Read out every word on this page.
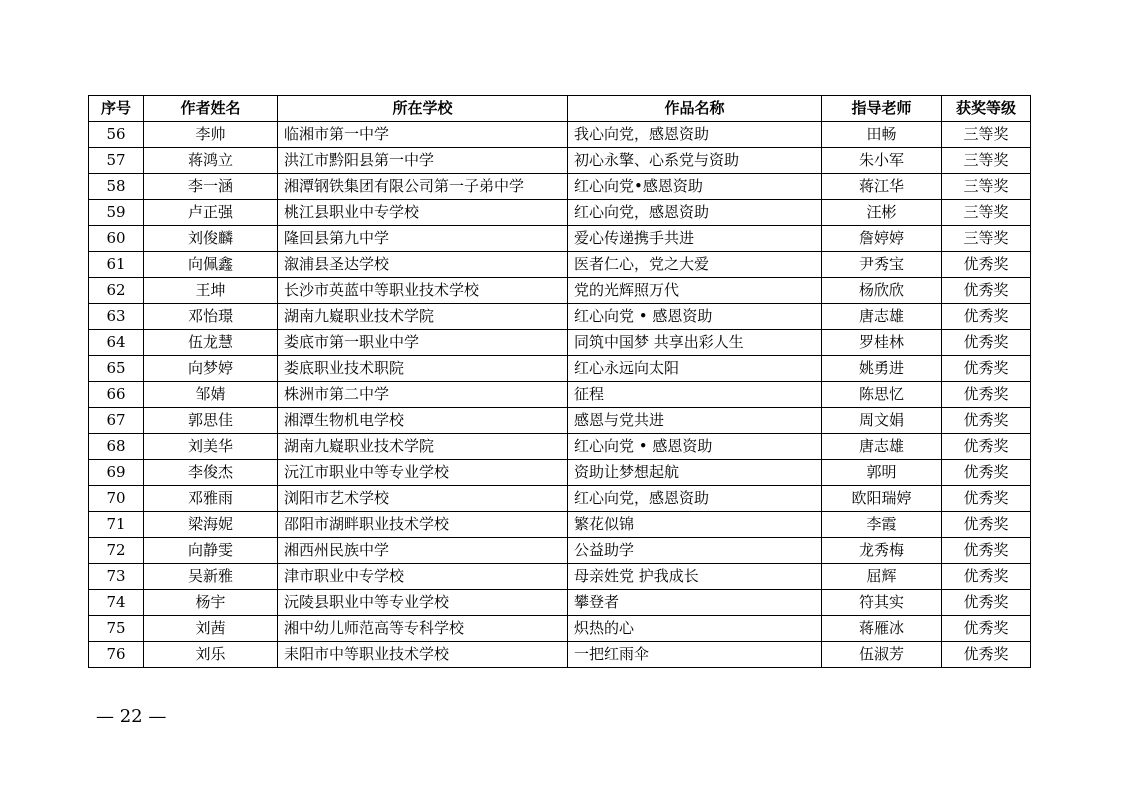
序号	作者姓名	所在学校	作品名称	指导老师	获奖等级
56	李帅	临湘市第一中学	我心向党，感恩资助	田畅	三等奖
57	蒋鸿立	洪江市黔阳县第一中学	初心永擎、心系党与资助	朱小军	三等奖
58	李一涵	湘潭钢铁集团有限公司第一子弟中学	红心向党•感恩资助	蒋江华	三等奖
59	卢正强	桃江县职业中专学校	红心向党，感恩资助	汪彬	三等奖
60	刘俊麟	隆回县第九中学	爱心传递携手共进	詹婷婷	三等奖
61	向佩鑫	溆浦县圣达学校	医者仁心，党之大爱	尹秀宝	优秀奖
62	王坤	长沙市英蓝中等职业技术学校	党的光辉照万代	杨欣欣	优秀奖
63	邓怡璟	湖南九嶷职业技术学院	红心向党 • 感恩资助	唐志雄	优秀奖
64	伍龙慧	娄底市第一职业中学	同筑中国梦 共享出彩人生	罗桂林	优秀奖
65	向梦婷	娄底职业技术职院	红心永远向太阳	姚勇进	优秀奖
66	邹婧	株洲市第二中学	征程	陈思忆	优秀奖
67	郭思佳	湘潭生物机电学校	感恩与党共进	周文娟	优秀奖
68	刘美华	湖南九嶷职业技术学院	红心向党 • 感恩资助	唐志雄	优秀奖
69	李俊杰	沅江市职业中等专业学校	资助让梦想起航	郭明	优秀奖
70	邓雅雨	浏阳市艺术学校	红心向党，感恩资助	欧阳瑞婷	优秀奖
71	梁海妮	邵阳市湖畔职业技术学校	繁花似锦	李霞	优秀奖
72	向静雯	湘西州民族中学	公益助学	龙秀梅	优秀奖
73	吴新雅	津市职业中专学校	母亲姓党 护我成长	屈辉	优秀奖
74	杨宇	沅陵县职业中等专业学校	攀登者	符其实	优秀奖
75	刘茜	湘中幼儿师范高等专科学校	炽热的心	蒋雁冰	优秀奖
76	刘乐	耒阳市中等职业技术学校	一把红雨伞	伍淑芳	优秀奖
— 22 —
